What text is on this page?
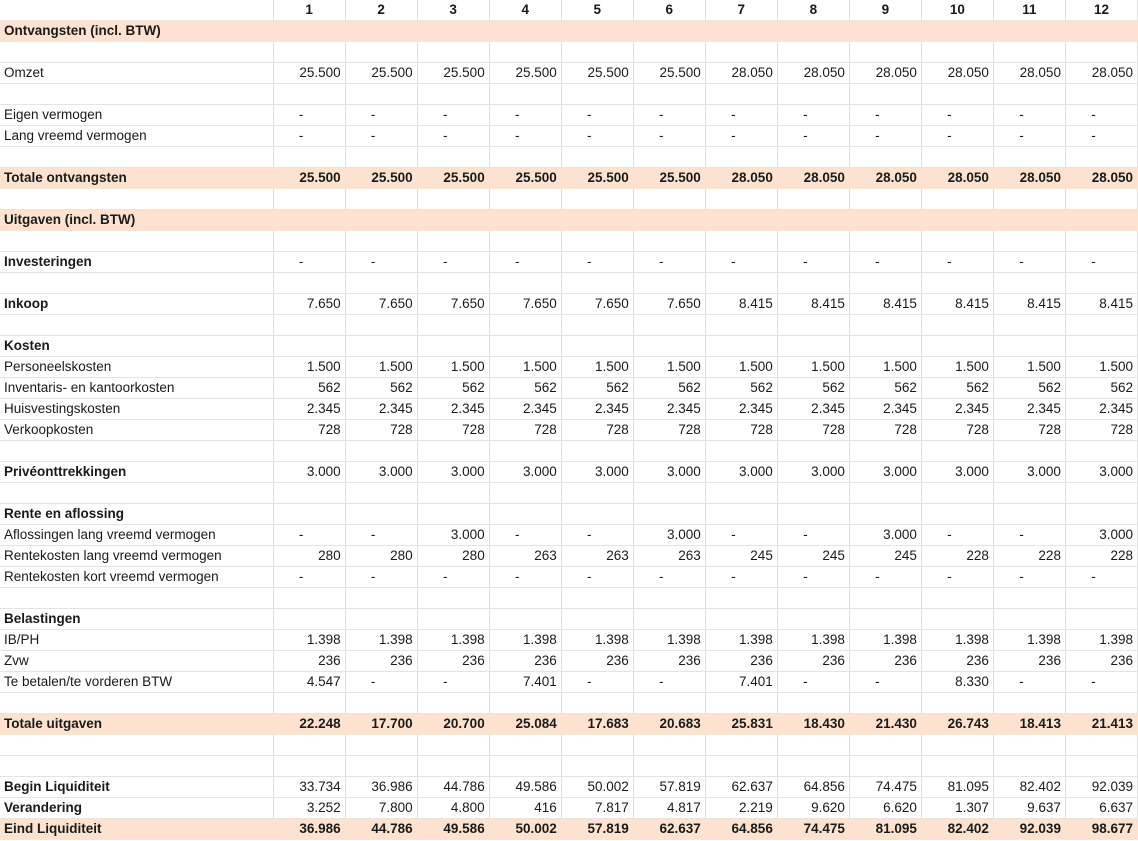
	1	2	3	4	5	6	7	8	9	10	11	12
Ontvangsten (incl. BTW)												

Omzet	25.500	25.500	25.500	25.500	25.500	25.500	28.050	28.050	28.050	28.050	28.050	28.050

Eigen vermogen	-	-	-	-	-	-	-	-	-	-	-	-
Lang vreemd vermogen	-	-	-	-	-	-	-	-	-	-	-	-

Totale ontvangsten	25.500	25.500	25.500	25.500	25.500	25.500	28.050	28.050	28.050	28.050	28.050	28.050

Uitgaven (incl. BTW)												

Investeringen	-	-	-	-	-	-	-	-	-	-	-	-

Inkoop	7.650	7.650	7.650	7.650	7.650	7.650	8.415	8.415	8.415	8.415	8.415	8.415

Kosten												
Personeelskosten	1.500	1.500	1.500	1.500	1.500	1.500	1.500	1.500	1.500	1.500	1.500	1.500
Inventaris- en kantoorkosten	562	562	562	562	562	562	562	562	562	562	562	562
Huisvestingskosten	2.345	2.345	2.345	2.345	2.345	2.345	2.345	2.345	2.345	2.345	2.345	2.345
Verkoopkosten	728	728	728	728	728	728	728	728	728	728	728	728

Privéonttrekkingen	3.000	3.000	3.000	3.000	3.000	3.000	3.000	3.000	3.000	3.000	3.000	3.000

Rente en aflossing												
Aflossingen lang vreemd vermogen	-	-	3.000	-	-	3.000	-	-	3.000	-	-	3.000
Rentekosten lang vreemd vermogen	280	280	280	263	263	263	245	245	245	228	228	228
Rentekosten kort vreemd vermogen	-	-	-	-	-	-	-	-	-	-	-	-

Belastingen												
IB/PH	1.398	1.398	1.398	1.398	1.398	1.398	1.398	1.398	1.398	1.398	1.398	1.398
Zvw	236	236	236	236	236	236	236	236	236	236	236	236
Te betalen/te vorderen BTW	4.547	-	-	7.401	-	-	7.401	-	-	8.330	-	-

Totale uitgaven	22.248	17.700	20.700	25.084	17.683	20.683	25.831	18.430	21.430	26.743	18.413	21.413

Begin Liquiditeit	33.734	36.986	44.786	49.586	50.002	57.819	62.637	64.856	74.475	81.095	82.402	92.039
Verandering	3.252	7.800	4.800	416	7.817	4.817	2.219	9.620	6.620	1.307	9.637	6.637
Eind Liquiditeit	36.986	44.786	49.586	50.002	57.819	62.637	64.856	74.475	81.095	82.402	92.039	98.677
